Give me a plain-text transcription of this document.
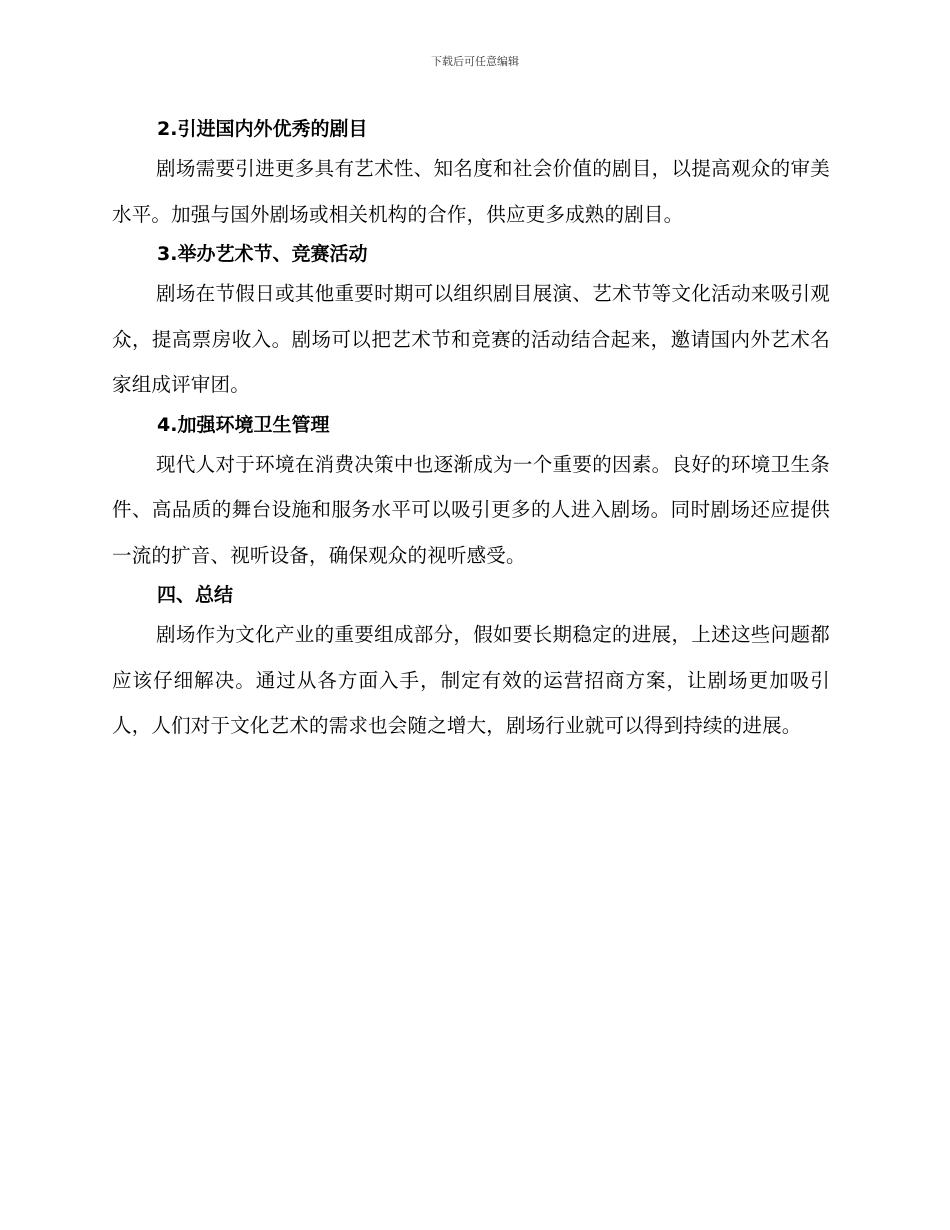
下载后可任意编辑
2.引进国内外优秀的剧目

剧场需要引进更多具有艺术性、知名度和社会价值的剧目，以提高观众的审美水平。加强与国外剧场或相关机构的合作，供应更多成熟的剧目。

3.举办艺术节、竞赛活动

剧场在节假日或其他重要时期可以组织剧目展演、艺术节等文化活动来吸引观众，提高票房收入。剧场可以把艺术节和竞赛的活动结合起来，邀请国内外艺术名家组成评审团。

4.加强环境卫生管理

现代人对于环境在消费决策中也逐渐成为一个重要的因素。良好的环境卫生条件、高品质的舞台设施和服务水平可以吸引更多的人进入剧场。同时剧场还应提供一流的扩音、视听设备，确保观众的视听感受。

四、总结

剧场作为文化产业的重要组成部分，假如要长期稳定的进展，上述这些问题都应该仔细解决。通过从各方面入手，制定有效的运营招商方案，让剧场更加吸引人，人们对于文化艺术的需求也会随之增大，剧场行业就可以得到持续的进展。
